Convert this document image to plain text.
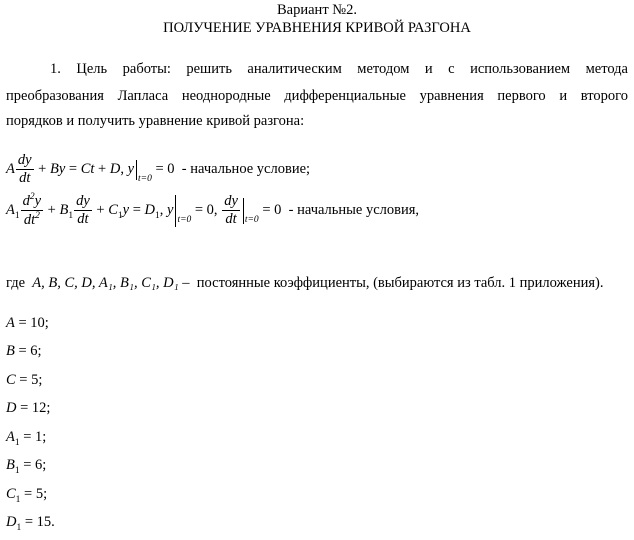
Вариант №2.
ПОЛУЧЕНИЕ УРАВНЕНИЯ КРИВОЙ РАЗГОНА
1. Цель работы: решить аналитическим методом и с использованием метода
преобразования Лапласа неоднородные дифференциальные уравнения первого и второго
порядков и получить уравнение кривой разгона:
A $\frac{dy}{dt} + By = Ct + D$, $y_{t=0} = 0$  - начальное условие;
$A_1 \frac{d^2y}{dt^2} + B_1 \frac{dy}{dt} + C_1y = D_1$, $y_{t=0} = 0$, $\frac{dy}{dt} _{t=0} = 0$  - начальные условия,
где A, B, C, D, A₁, B₁, C₁, D₁ – постоянные коэффициенты, (выбираются из табл. 1 приложения).
A = 10;
B = 6;
C = 5;
D = 12;
$A_1 = 1$;
$B_1 = 6$;
$C_1 = 5$;
$D_1 = 15$.
